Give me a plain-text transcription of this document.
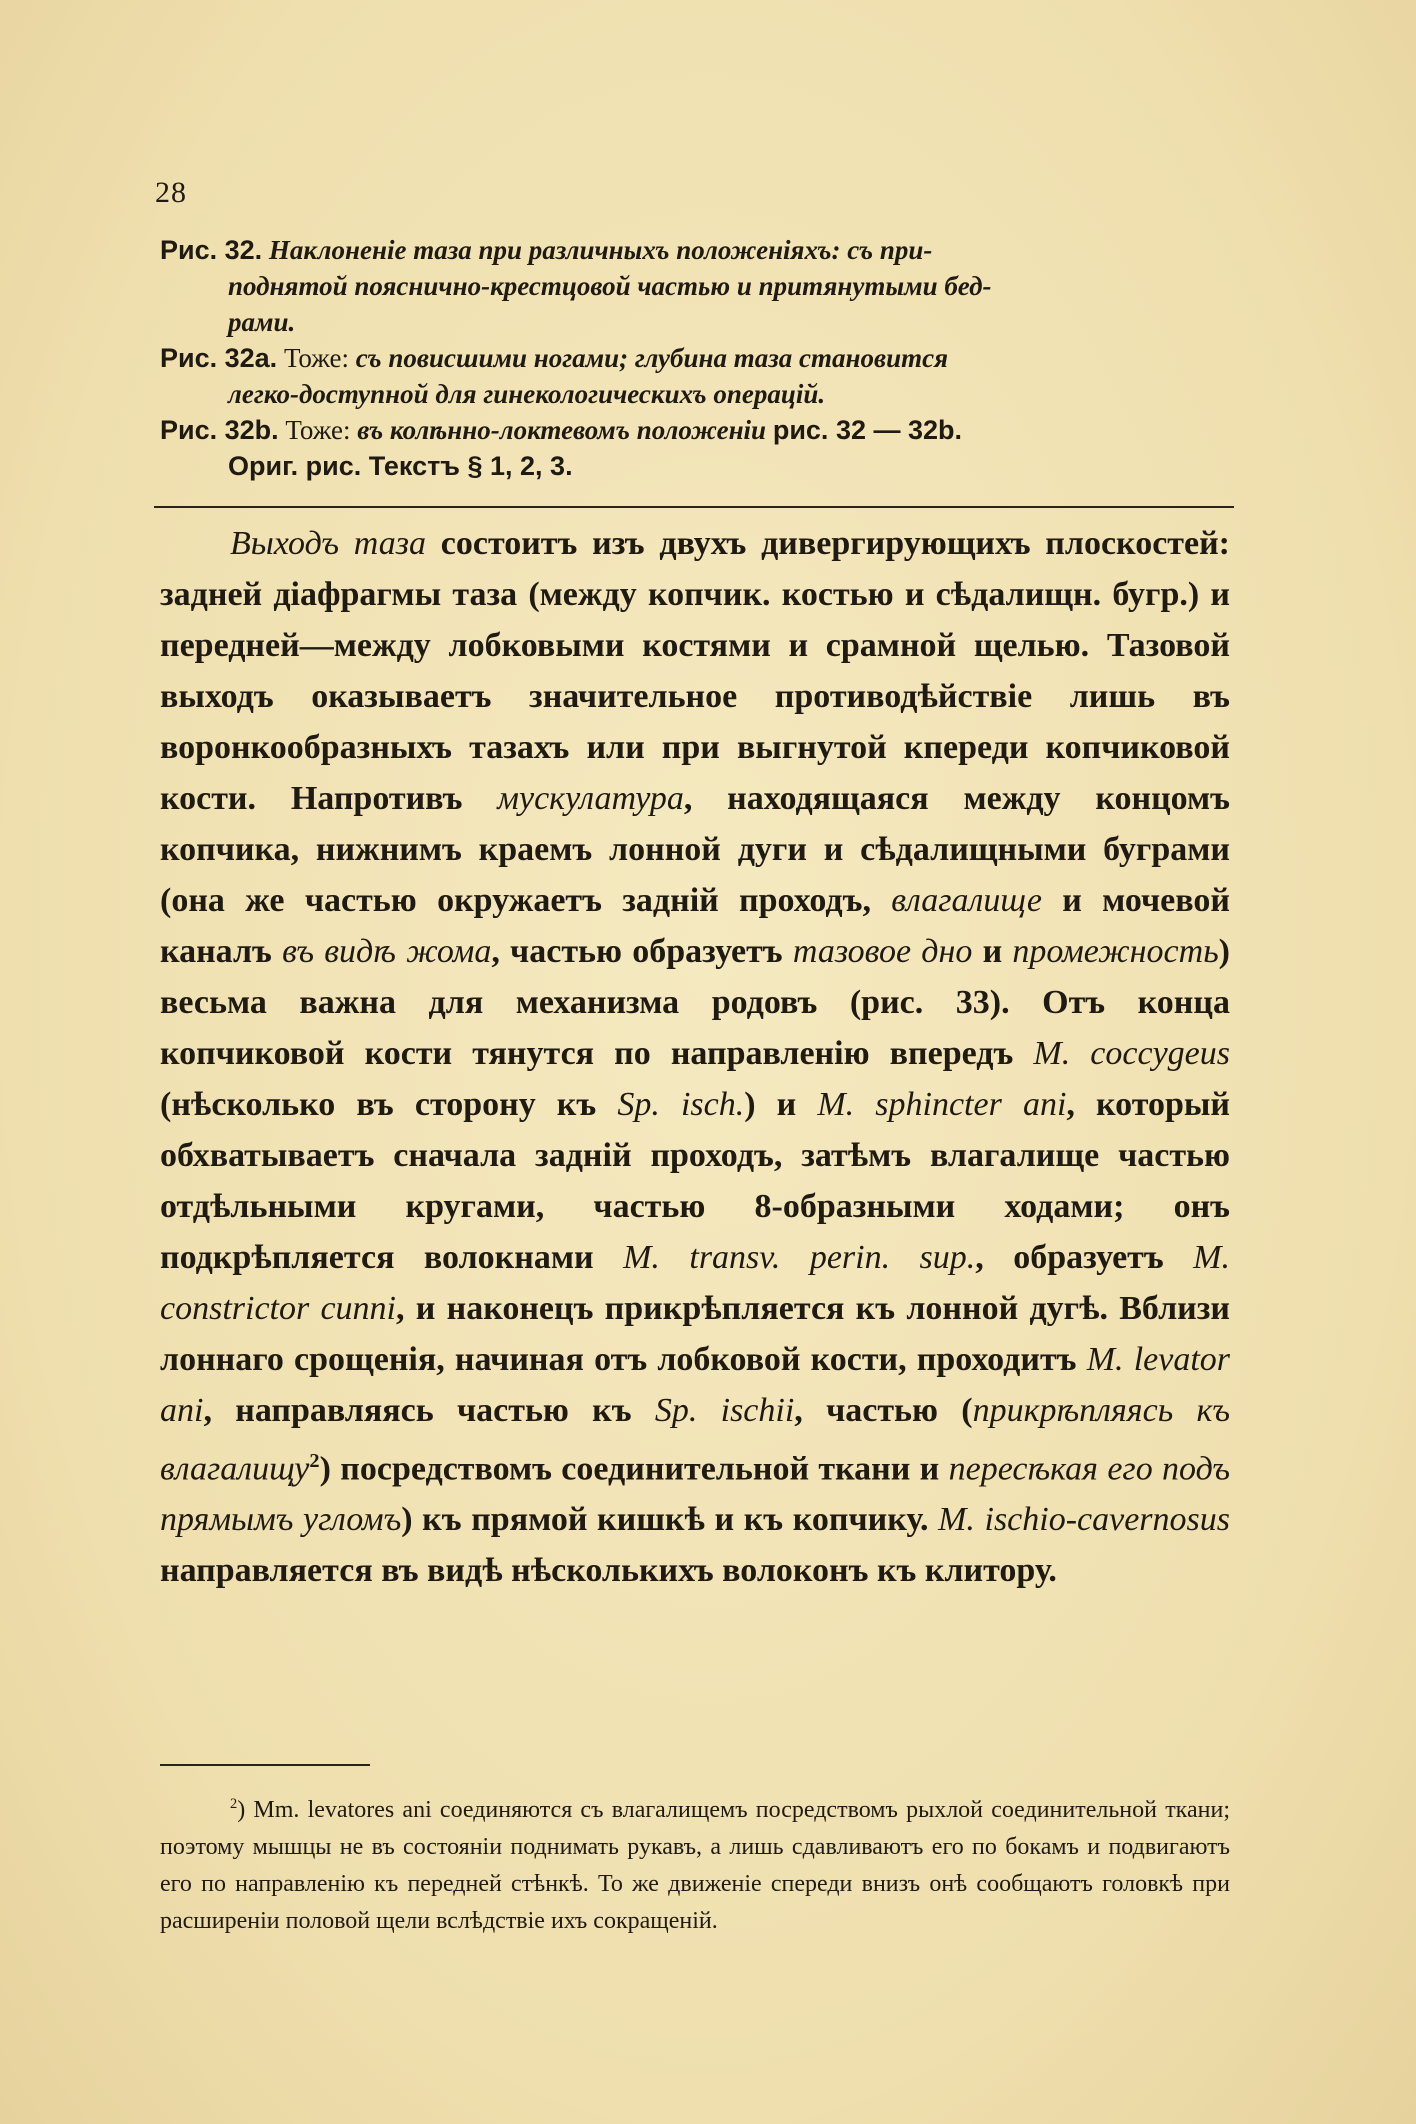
28

Рис. 32. Наклоненіе таза при различныхъ положеніяхъ: съ при-
поднятой пояснично-крестцовой частью и притянутыми бед-
рами.

Рис. 32а. Тоже: съ повисшими ногами; глубина таза становится
легко-доступной для гинекологическихъ операцій.

Рис. 32b. Тоже: въ колѣнно-локтевомъ положеніи рис. 32 — 32b.
Ориг. рис. Текстъ § 1, 2, 3.

Выходъ таза состоитъ изъ двухъ дивергирующихъ плоскостей: задней діафрагмы таза (между копчик. костью и сѣдалищн. бугр.) и передней—между лобковыми костями и срамной щелью. Тазовой выходъ оказываетъ значительное противодѣйствіе лишь въ воронкообразныхъ тазахъ или при выгнутой кпереди копчиковой кости. Напротивъ мускулатура, находящаяся между концомъ копчика, нижнимъ краемъ лонной дуги и сѣдалищными буграми (она же частью окружаетъ задній проходъ, влагалище и мочевой каналъ въ видѣ жома, частью образуетъ тазовое дно и промежность) весьма важна для механизма родовъ (рис. 33). Отъ конца копчиковой кости тянутся по направленію впередъ M. coccygeus (нѣсколько въ сторону къ Sp. isch.) и M. sphincter ani, который обхватываетъ сначала задній проходъ, затѣмъ влагалище частью отдѣльными кругами, частью 8-образными ходами; онъ подкрѣпляется волокнами M. transv. perin. sup., образуетъ M. constrictor cunni, и наконецъ прикрѣпляется къ лонной дугѣ. Вблизи лоннаго срощенія, начиная отъ лобковой кости, проходитъ M. levator ani, направляясь частью къ Sp. ischii, частью (прикрѣпляясь къ влагалищу$^2$) посредствомъ соединительной ткани и пересѣкая его подъ прямымъ угломъ) къ прямой кишкѣ и къ копчику. M. ischio-cavernosus направляется въ видѣ нѣсколькихъ волоконъ къ клитору.

$^2$) Mm. levatores ani соединяются съ влагалищемъ посредствомъ рыхлой соединительной ткани; поэтому мышцы не въ состояніи поднимать рукавъ, а лишь сдавливаютъ его по бокамъ и подвигаютъ его по направленію къ передней стѣнкѣ. То же движеніе спереди внизъ онѣ сообщаютъ головкѣ при расширеніи половой щели вслѣдствіе ихъ сокращеній.
